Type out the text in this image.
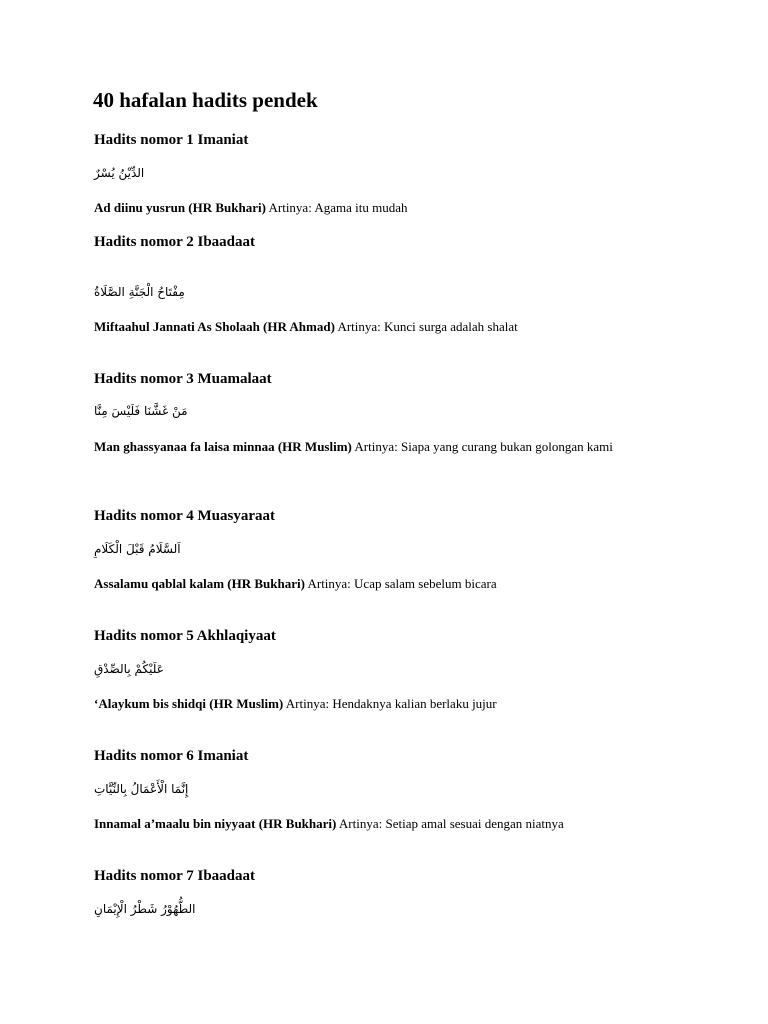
40 hafalan hadits pendek
Hadits nomor 1 Imaniat

الدِّيْنُ يُسْرٌ

Ad diinu yusrun (HR Bukhari) Artinya: Agama itu mudah

Hadits nomor 2 Ibaadaat

مِفْتَاحُ الْجَنَّةِ الصَّلَاةُ

Miftaahul Jannati As Sholaah (HR Ahmad) Artinya: Kunci surga adalah shalat

Hadits nomor 3 Muamalaat

مَنْ غَشَّنَا فَلَيْسَ مِنَّا

Man ghassyanaa fa laisa minnaa (HR Muslim) Artinya: Siapa yang curang bukan golongan kami

Hadits nomor 4 Muasyaraat

اَلسَّلَامُ قَبْلَ الْكَلَامِ

Assalamu qablal kalam (HR Bukhari) Artinya: Ucap salam sebelum bicara

Hadits nomor 5 Akhlaqiyaat

عَلَيْكُمْ بِالصِّدْقِ

‘Alaykum bis shidqi (HR Muslim) Artinya: Hendaknya kalian berlaku jujur

Hadits nomor 6 Imaniat

إِنَّمَا الْأَعْمَالُ بِالنِّيَّاتِ

Innamal a’maalu bin niyyaat (HR Bukhari) Artinya: Setiap amal sesuai dengan niatnya

Hadits nomor 7 Ibaadaat

الطُّهُوْرُ شَطْرُ الْإِيْمَانِ
